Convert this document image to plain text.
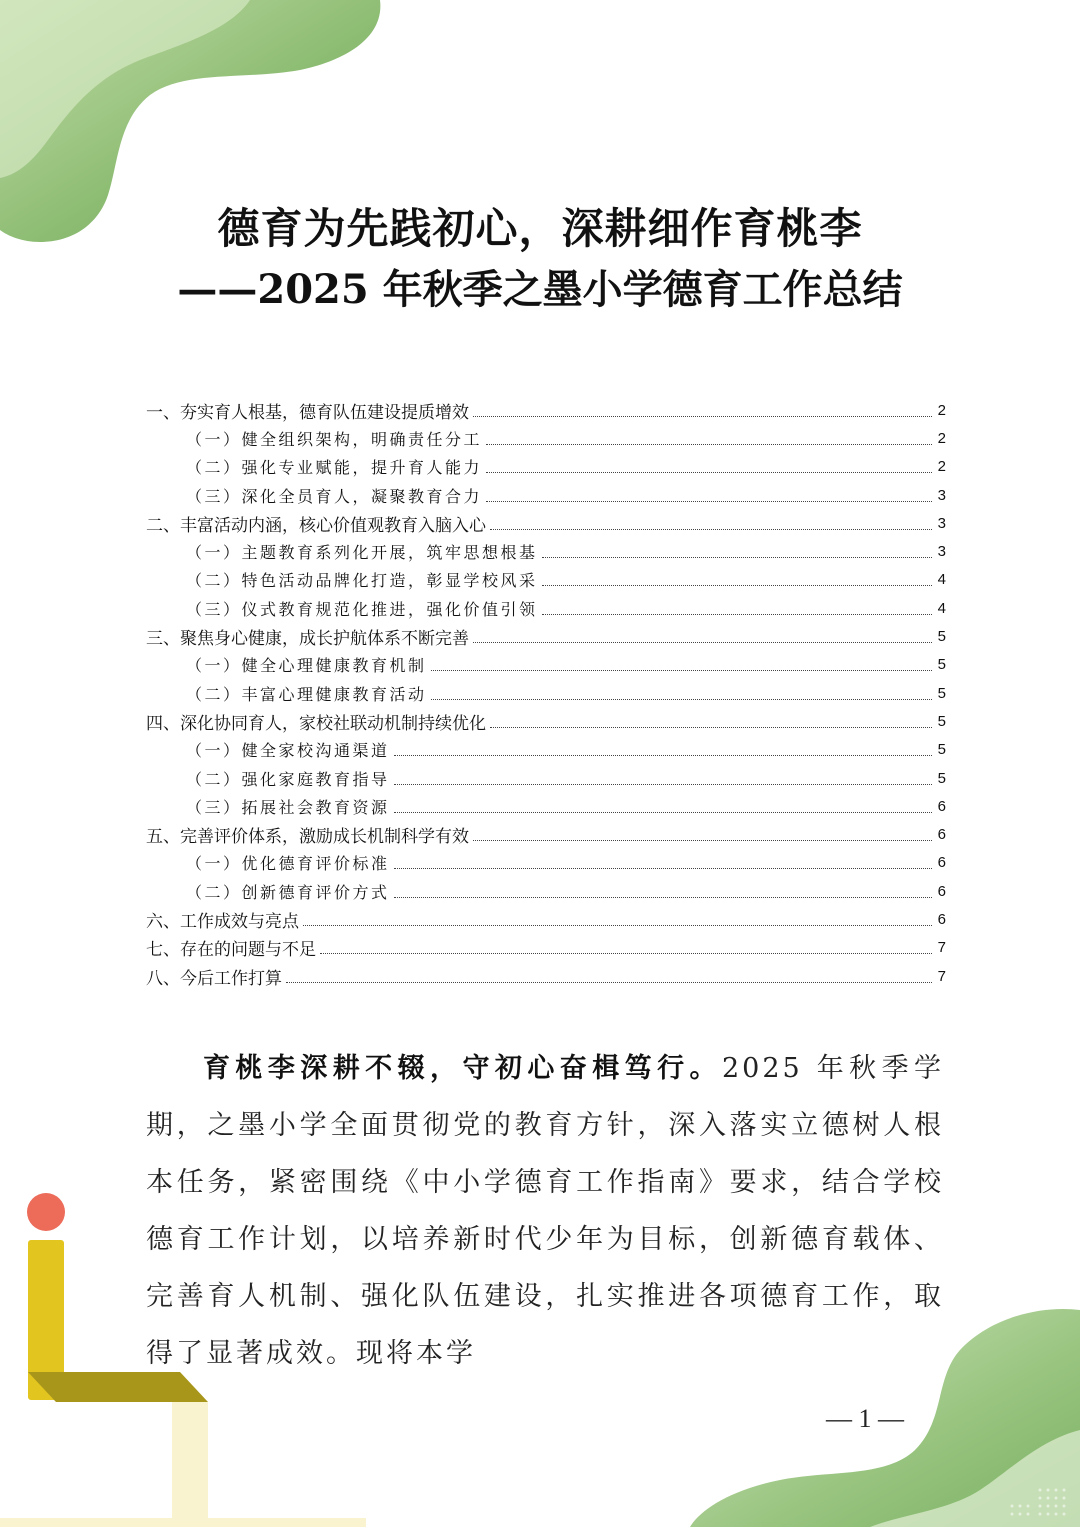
德育为先践初心，深耕细作育桃李
——2025 年秋季之墨小学德育工作总结
一、夯实育人根基，德育队伍建设提质增效	2
（一）健全组织架构，明确责任分工	2
（二）强化专业赋能，提升育人能力	2
（三）深化全员育人，凝聚教育合力	3
二、丰富活动内涵，核心价值观教育入脑入心	3
（一）主题教育系列化开展，筑牢思想根基	3
（二）特色活动品牌化打造，彰显学校风采	4
（三）仪式教育规范化推进，强化价值引领	4
三、聚焦身心健康，成长护航体系不断完善	5
（一）健全心理健康教育机制	5
（二）丰富心理健康教育活动	5
四、深化协同育人，家校社联动机制持续优化	5
（一）健全家校沟通渠道	5
（二）强化家庭教育指导	5
（三）拓展社会教育资源	6
五、完善评价体系，激励成长机制科学有效	6
（一）优化德育评价标准	6
（二）创新德育评价方式	6
六、工作成效与亮点	6
七、存在的问题与不足	7
八、今后工作打算	7

育桃李深耕不辍，守初心奋楫笃行。2025 年秋季学期，之墨小学全面贯彻党的教育方针，深入落实立德树人根本任务，紧密围绕《中小学德育工作指南》要求，结合学校德育工作计划，以培养新时代少年为目标，创新德育载体、完善育人机制、强化队伍建设，扎实推进各项德育工作，取得了显著成效。现将本学

— 1 —
